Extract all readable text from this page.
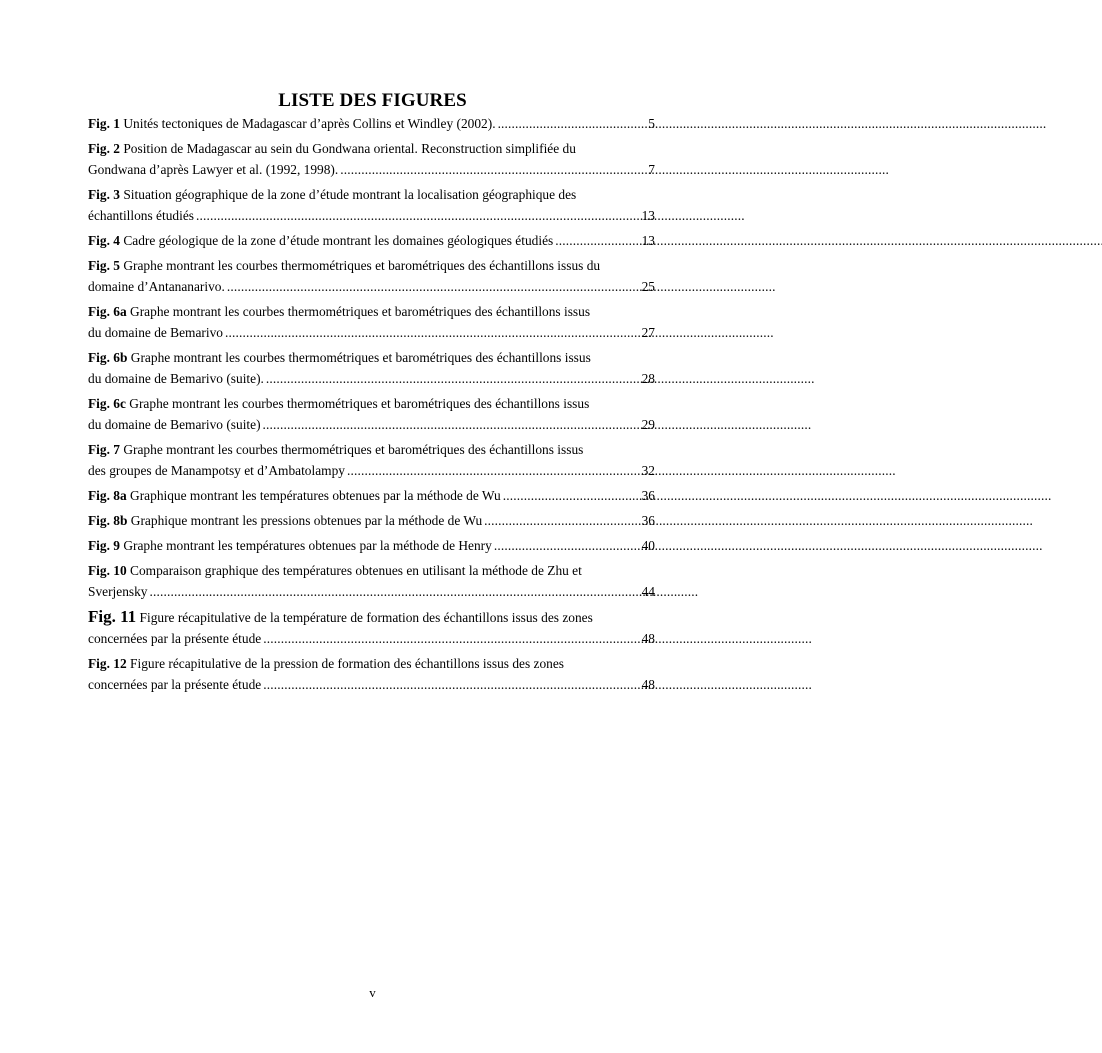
LISTE DES FIGURES
Fig. 1 Unités tectoniques de Madagascar d’après Collins et Windley (2002). . . .	5
Fig. 2 Position de Madagascar au sein du Gondwana oriental. Reconstruction simplifiée du
Gondwana d’après Lawyer et al. (1992, 1998). . . .	7
Fig. 3 Situation géographique de la zone d’étude montrant la localisation géographique des
échantillons étudiés . . .	13
Fig. 4 Cadre géologique de la zone d’étude montrant les domaines géologiques étudiés . . .	13
Fig. 5 Graphe montrant les courbes thermométriques et barométriques des échantillons issus du
domaine d’Antananarivo. . . .	25
Fig. 6a Graphe montrant les courbes thermométriques et barométriques des échantillons issus
du domaine de Bemarivo . . .	27
Fig. 6b Graphe montrant les courbes thermométriques et barométriques des échantillons issus
du domaine de Bemarivo (suite). . . .	28
Fig. 6c Graphe montrant les courbes thermométriques et barométriques des échantillons issus
du domaine de Bemarivo (suite) . . .	29
Fig. 7 Graphe montrant les courbes thermométriques et barométriques des échantillons issus
des groupes de Manampotsy et d’Ambatolampy . . .	32
Fig. 8a Graphique montrant les températures obtenues par la méthode de Wu . . .	36
Fig. 8b Graphique montrant les pressions obtenues par la méthode de Wu . . .	36
Fig. 9 Graphe montrant les températures obtenues par la méthode de Henry . . .	40
Fig. 10 Comparaison graphique des températures obtenues en utilisant la méthode de Zhu et
Sverjensky . . .	44
Fig. 11 Figure récapitulative de la température de formation des échantillons issus des zones
concernées par la présente étude . . .	48
Fig. 12 Figure récapitulative de la pression de formation des échantillons issus des zones
concernées par la présente étude . . .	48
v
